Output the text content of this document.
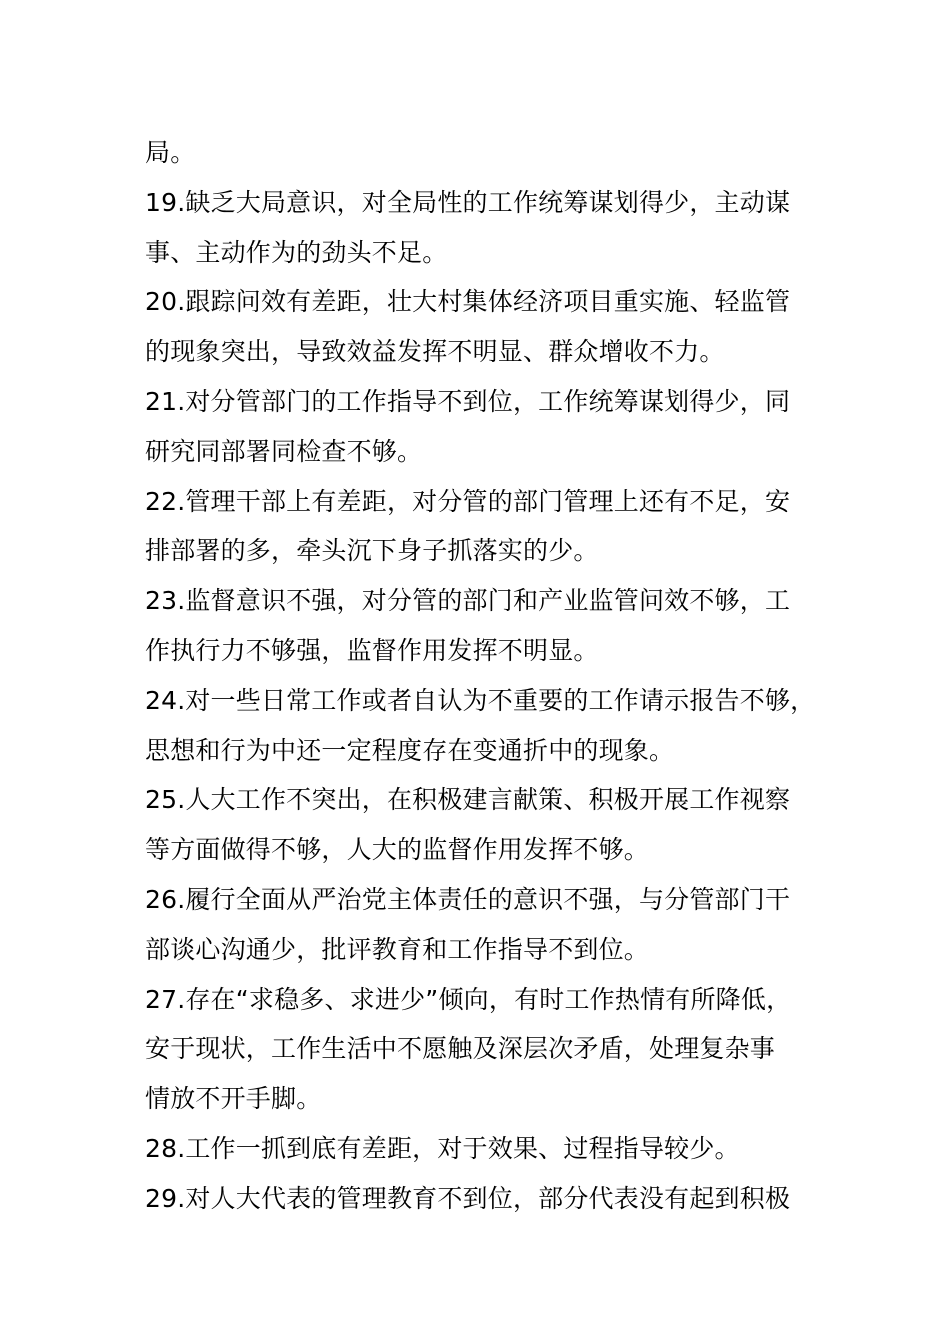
局。
19.缺乏大局意识，对全局性的工作统筹谋划得少，主动谋
事、主动作为的劲头不足。
20.跟踪问效有差距，壮大村集体经济项目重实施、轻监管
的现象突出，导致效益发挥不明显、群众增收不力。
21.对分管部门的工作指导不到位，工作统筹谋划得少，同
研究同部署同检查不够。
22.管理干部上有差距，对分管的部门管理上还有不足，安
排部署的多，牵头沉下身子抓落实的少。
23.监督意识不强，对分管的部门和产业监管问效不够，工
作执行力不够强，监督作用发挥不明显。
24.对一些日常工作或者自认为不重要的工作请示报告不够，
思想和行为中还一定程度存在变通折中的现象。
25.人大工作不突出，在积极建言献策、积极开展工作视察
等方面做得不够，人大的监督作用发挥不够。
26.履行全面从严治党主体责任的意识不强，与分管部门干
部谈心沟通少，批评教育和工作指导不到位。
27.存在“求稳多、求进少”倾向，有时工作热情有所降低，
安于现状，工作生活中不愿触及深层次矛盾，处理复杂事
情放不开手脚。
28.工作一抓到底有差距，对于效果、过程指导较少。
29.对人大代表的管理教育不到位，部分代表没有起到积极
